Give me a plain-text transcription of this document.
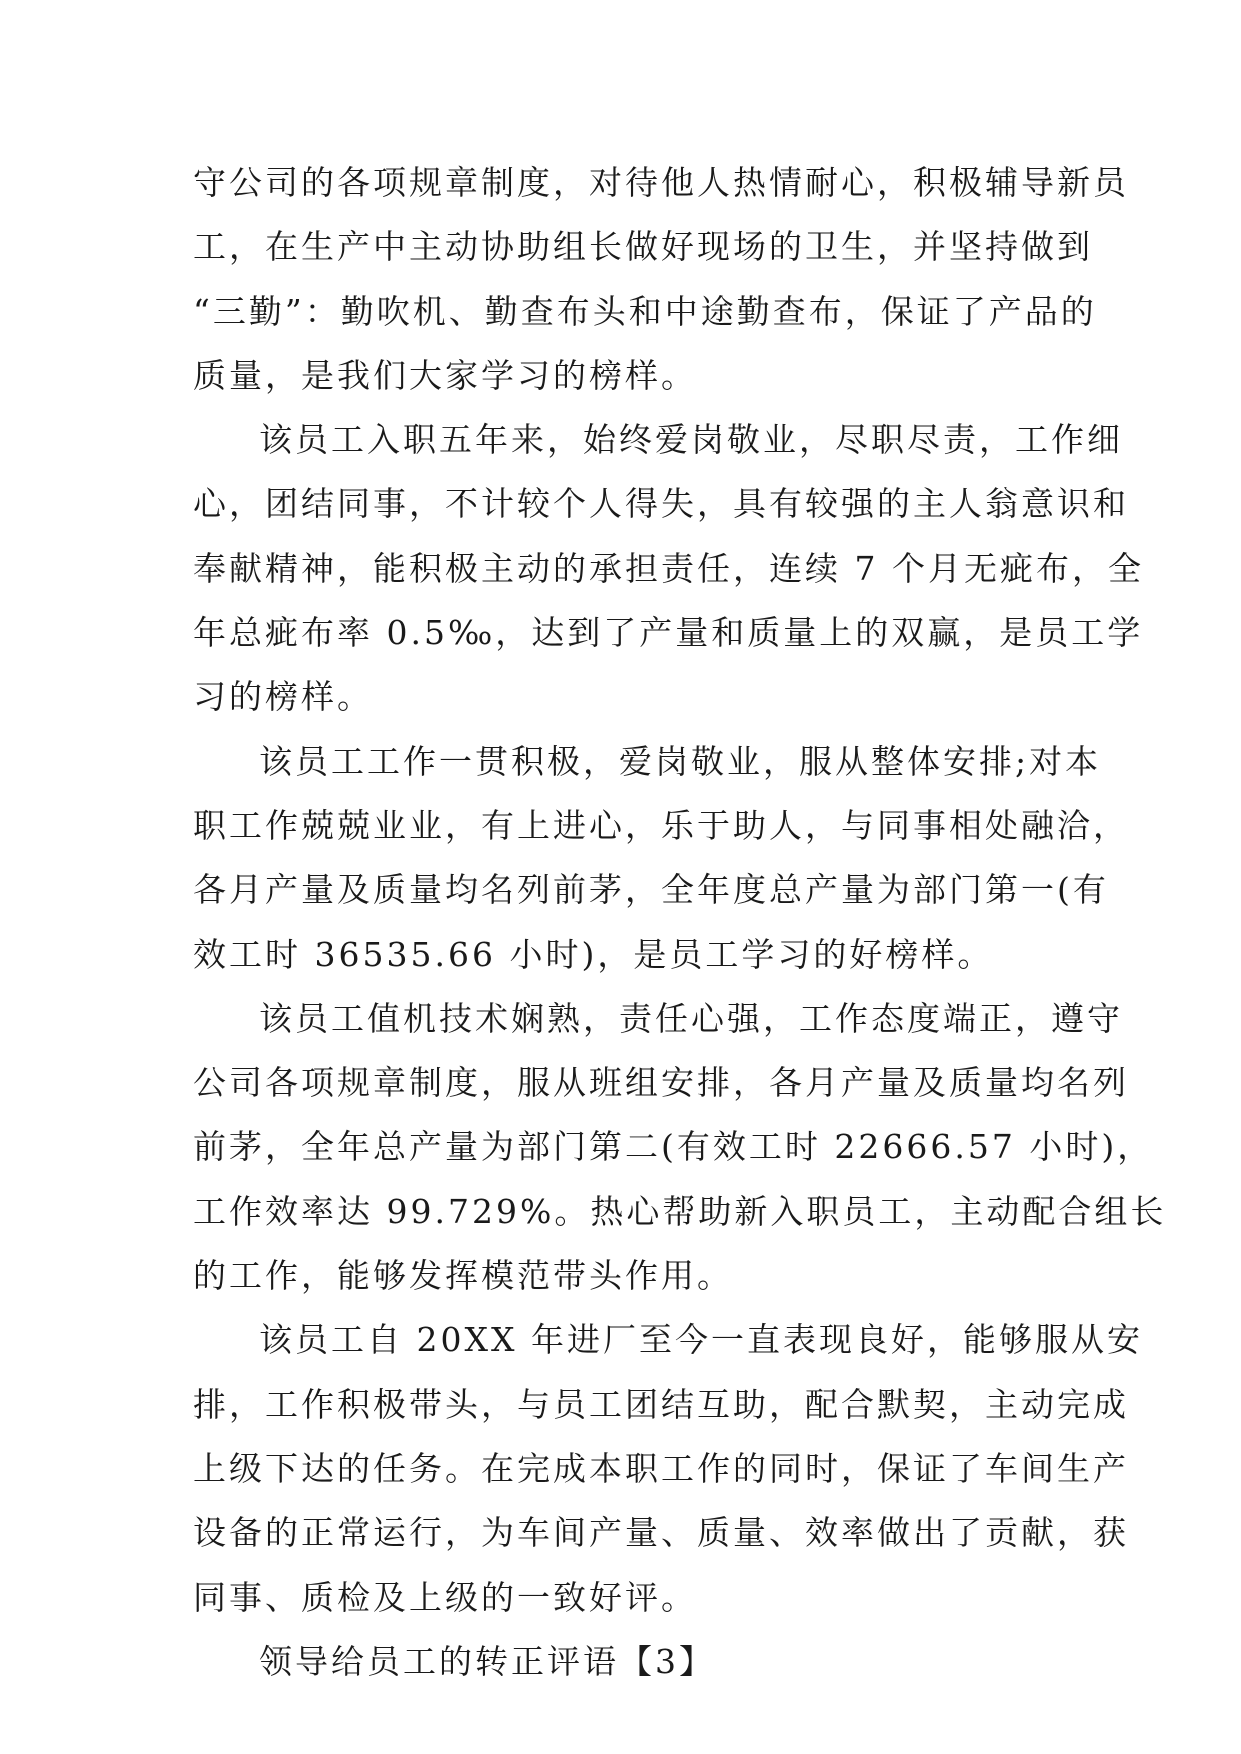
守公司的各项规章制度，对待他人热情耐心，积极辅导新员
工，在生产中主动协助组长做好现场的卫生，并坚持做到
“三勤”：勤吹机、勤查布头和中途勤查布，保证了产品的
质量，是我们大家学习的榜样。
该员工入职五年来，始终爱岗敬业，尽职尽责，工作细
心，团结同事，不计较个人得失，具有较强的主人翁意识和
奉献精神，能积极主动的承担责任，连续 7 个月无疵布，全
年总疵布率 0.5‰，达到了产量和质量上的双赢，是员工学
习的榜样。
该员工工作一贯积极，爱岗敬业，服从整体安排;对本
职工作兢兢业业，有上进心，乐于助人，与同事相处融洽，
各月产量及质量均名列前茅，全年度总产量为部门第一(有
效工时 36535.66 小时)，是员工学习的好榜样。
该员工值机技术娴熟，责任心强，工作态度端正，遵守
公司各项规章制度，服从班组安排，各月产量及质量均名列
前茅，全年总产量为部门第二(有效工时 22666.57 小时)，
工作效率达 99.729%。热心帮助新入职员工，主动配合组长
的工作，能够发挥模范带头作用。
该员工自 20XX 年进厂至今一直表现良好，能够服从安
排，工作积极带头，与员工团结互助，配合默契，主动完成
上级下达的任务。在完成本职工作的同时，保证了车间生产
设备的正常运行，为车间产量、质量、效率做出了贡献，获
同事、质检及上级的一致好评。
领导给员工的转正评语【3】
